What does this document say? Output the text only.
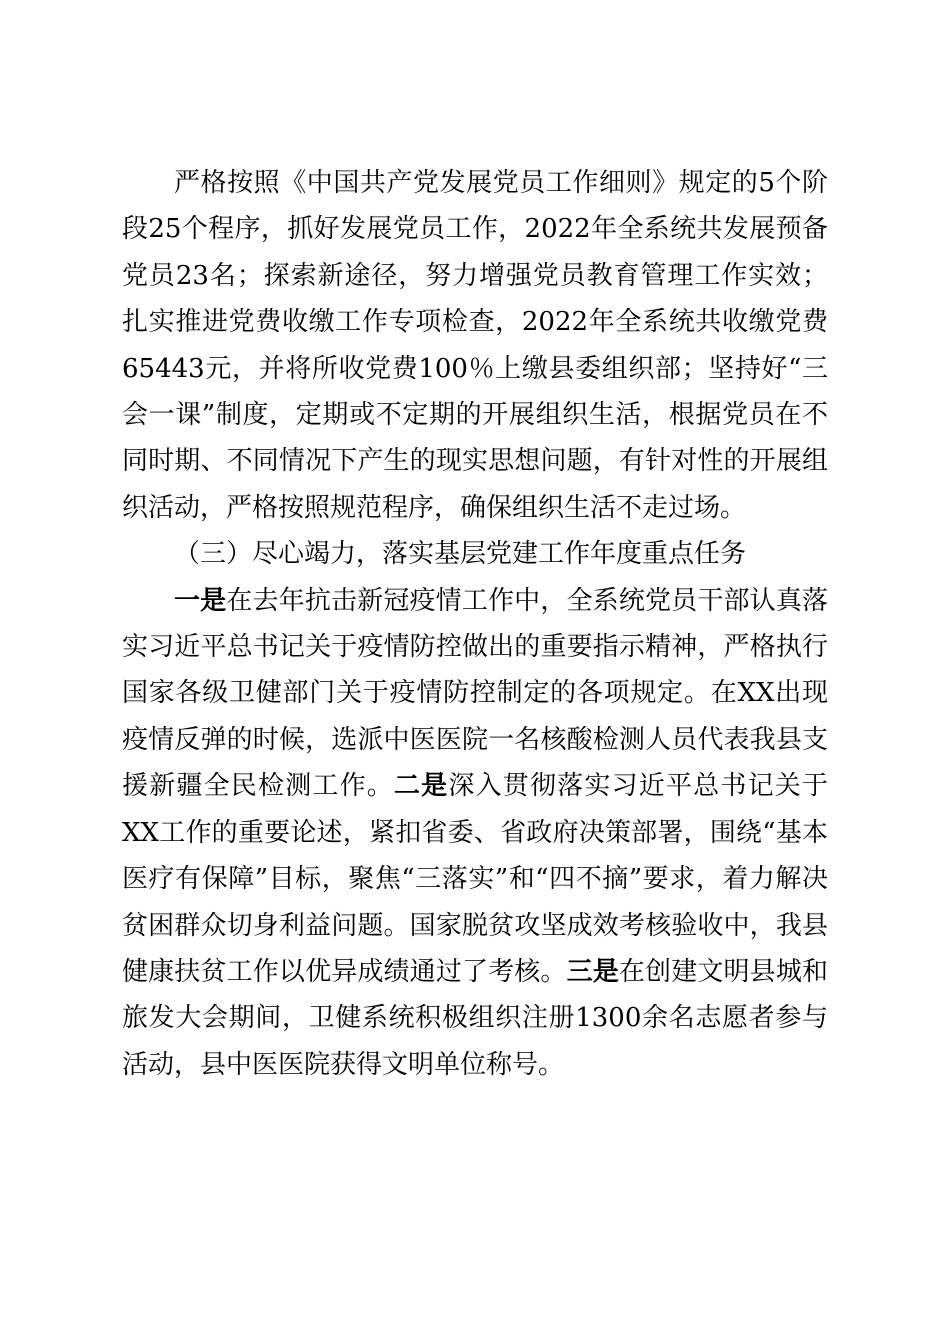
严格按照《中国共产党发展党员工作细则》规定的5个阶段25个程序，抓好发展党员工作，2022年全系统共发展预备党员23名；探索新途径，努力增强党员教育管理工作实效；扎实推进党费收缴工作专项检查，2022年全系统共收缴党费65443元，并将所收党费100％上缴县委组织部；坚持好“三会一课”制度，定期或不定期的开展组织生活，根据党员在不同时期、不同情况下产生的现实思想问题，有针对性的开展组织活动，严格按照规范程序，确保组织生活不走过场。

（三）尽心竭力，落实基层党建工作年度重点任务

一是在去年抗击新冠疫情工作中，全系统党员干部认真落实习近平总书记关于疫情防控做出的重要指示精神，严格执行国家各级卫健部门关于疫情防控制定的各项规定。在XX出现疫情反弹的时候，选派中医医院一名核酸检测人员代表我县支援新疆全民检测工作。二是深入贯彻落实习近平总书记关于XX工作的重要论述，紧扣省委、省政府决策部署，围绕“基本医疗有保障”目标，聚焦“三落实”和“四不摘”要求，着力解决贫困群众切身利益问题。国家脱贫攻坚成效考核验收中，我县健康扶贫工作以优异成绩通过了考核。三是在创建文明县城和旅发大会期间，卫健系统积极组织注册1300余名志愿者参与活动，县中医医院获得文明单位称号。
